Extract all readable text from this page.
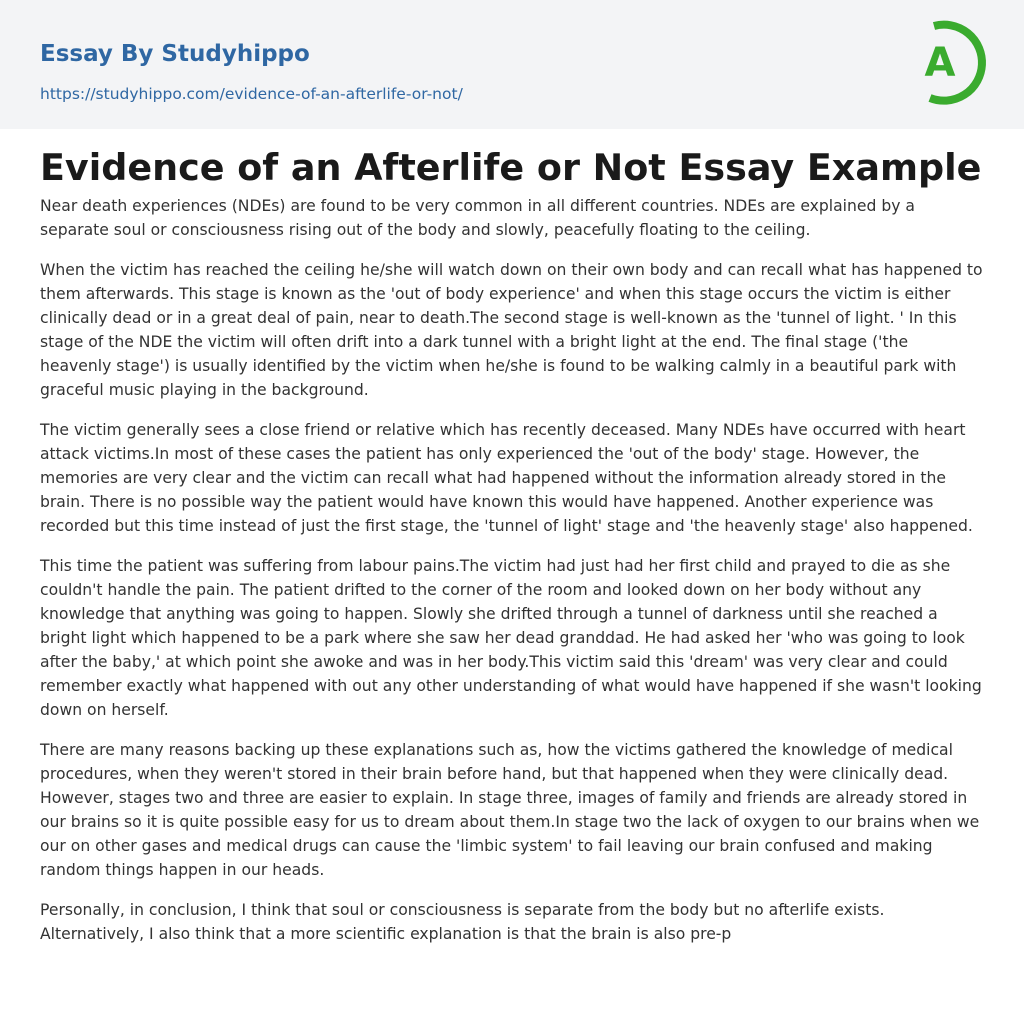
Essay By Studyhippo
https://studyhippo.com/evidence-of-an-afterlife-or-not/
A
Evidence of an Afterlife or Not Essay Example

Near death experiences (NDEs) are found to be very common in all different countries. NDEs are explained by a separate soul or consciousness rising out of the body and slowly, peacefully floating to the ceiling.

When the victim has reached the ceiling he/she will watch down on their own body and can recall what has happened to them afterwards. This stage is known as the 'out of body experience' and when this stage occurs the victim is either clinically dead or in a great deal of pain, near to death.The second stage is well-known as the 'tunnel of light. ' In this stage of the NDE the victim will often drift into a dark tunnel with a bright light at the end. The final stage ('the heavenly stage') is usually identified by the victim when he/she is found to be walking calmly in a beautiful park with graceful music playing in the background.

The victim generally sees a close friend or relative which has recently deceased. Many NDEs have occurred with heart attack victims.In most of these cases the patient has only experienced the 'out of the body' stage. However, the memories are very clear and the victim can recall what had happened without the information already stored in the brain. There is no possible way the patient would have known this would have happened. Another experience was recorded but this time instead of just the first stage, the 'tunnel of light' stage and 'the heavenly stage' also happened.

This time the patient was suffering from labour pains.The victim had just had her first child and prayed to die as she couldn't handle the pain. The patient drifted to the corner of the room and looked down on her body without any knowledge that anything was going to happen. Slowly she drifted through a tunnel of darkness until she reached a bright light which happened to be a park where she saw her dead granddad. He had asked her 'who was going to look after the baby,' at which point she awoke and was in her body.This victim said this 'dream' was very clear and could remember exactly what happened with out any other understanding of what would have happened if she wasn't looking down on herself.

There are many reasons backing up these explanations such as, how the victims gathered the knowledge of medical procedures, when they weren't stored in their brain before hand, but that happened when they were clinically dead. However, stages two and three are easier to explain. In stage three, images of family and friends are already stored in our brains so it is quite possible easy for us to dream about them.In stage two the lack of oxygen to our brains when we our on other gases and medical drugs can cause the 'limbic system' to fail leaving our brain confused and making random things happen in our heads.

Personally, in conclusion, I think that soul or consciousness is separate from the body but no afterlife exists. Alternatively, I also think that a more scientific explanation is that the brain is also pre-p
